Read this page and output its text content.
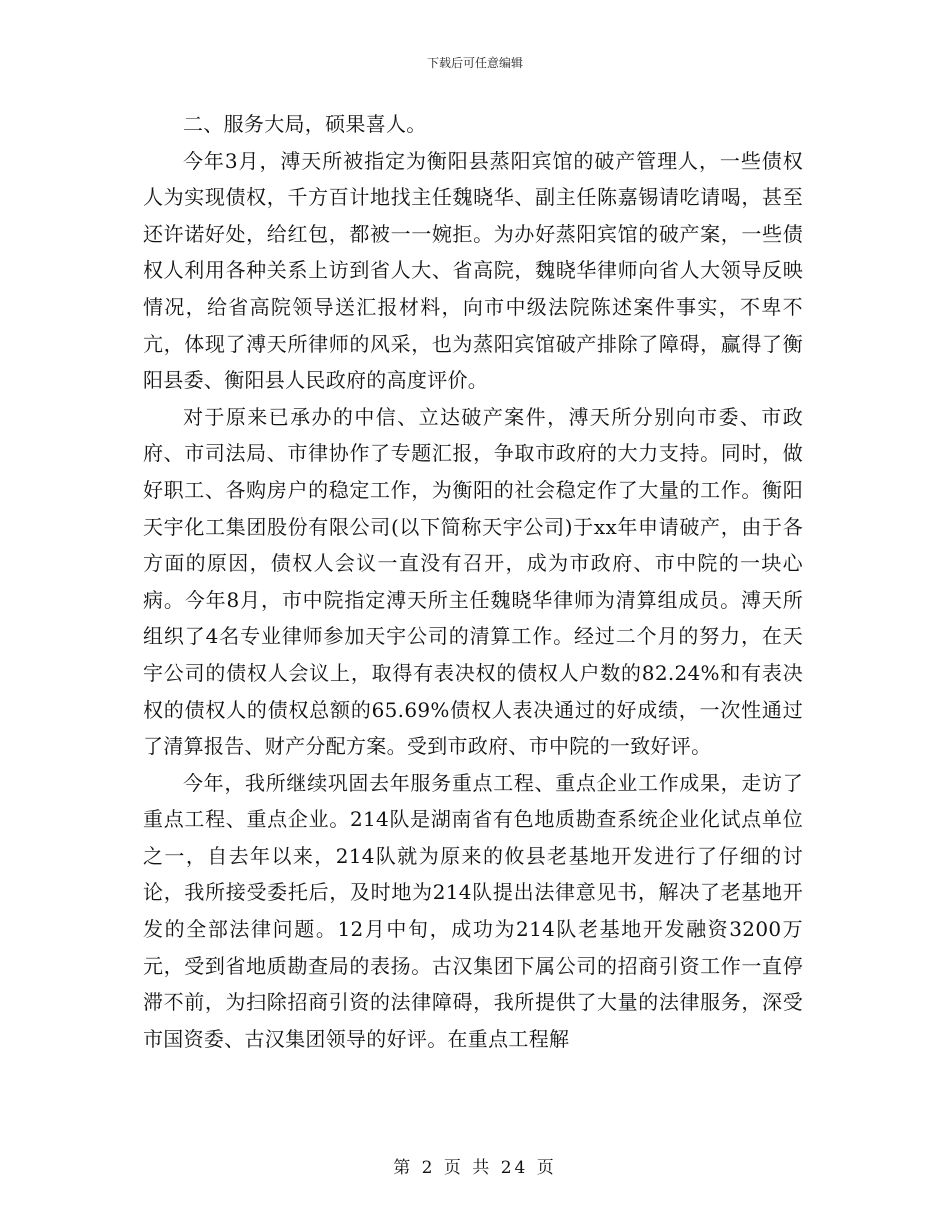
下载后可任意编辑

二、服务大局，硕果喜人。

今年3月，溥天所被指定为衡阳县蒸阳宾馆的破产管理人，一些债权人为实现债权，千方百计地找主任魏晓华、副主任陈嘉锡请吃请喝，甚至还许诺好处，给红包，都被一一婉拒。为办好蒸阳宾馆的破产案，一些债权人利用各种关系上访到省人大、省高院，魏晓华律师向省人大领导反映情况，给省高院领导送汇报材料，向市中级法院陈述案件事实，不卑不亢，体现了溥天所律师的风采，也为蒸阳宾馆破产排除了障碍，赢得了衡阳县委、衡阳县人民政府的高度评价。

对于原来已承办的中信、立达破产案件，溥天所分别向市委、市政府、市司法局、市律协作了专题汇报，争取市政府的大力支持。同时，做好职工、各购房户的稳定工作，为衡阳的社会稳定作了大量的工作。衡阳天宇化工集团股份有限公司(以下简称天宇公司)于xx年申请破产，由于各方面的原因，债权人会议一直没有召开，成为市政府、市中院的一块心病。今年8月，市中院指定溥天所主任魏晓华律师为清算组成员。溥天所组织了4名专业律师参加天宇公司的清算工作。经过二个月的努力，在天宇公司的债权人会议上，取得有表决权的债权人户数的82.24%和有表决权的债权人的债权总额的65.69%债权人表决通过的好成绩，一次性通过了清算报告、财产分配方案。受到市政府、市中院的一致好评。

今年，我所继续巩固去年服务重点工程、重点企业工作成果，走访了重点工程、重点企业。214队是湖南省有色地质勘查系统企业化试点单位之一，自去年以来，214队就为原来的攸县老基地开发进行了仔细的讨论，我所接受委托后，及时地为214队提出法律意见书，解决了老基地开发的全部法律问题。12月中旬，成功为214队老基地开发融资3200万元，受到省地质勘查局的表扬。古汉集团下属公司的招商引资工作一直停滞不前，为扫除招商引资的法律障碍，我所提供了大量的法律服务，深受市国资委、古汉集团领导的好评。在重点工程解

第 2 页 共 24 页
